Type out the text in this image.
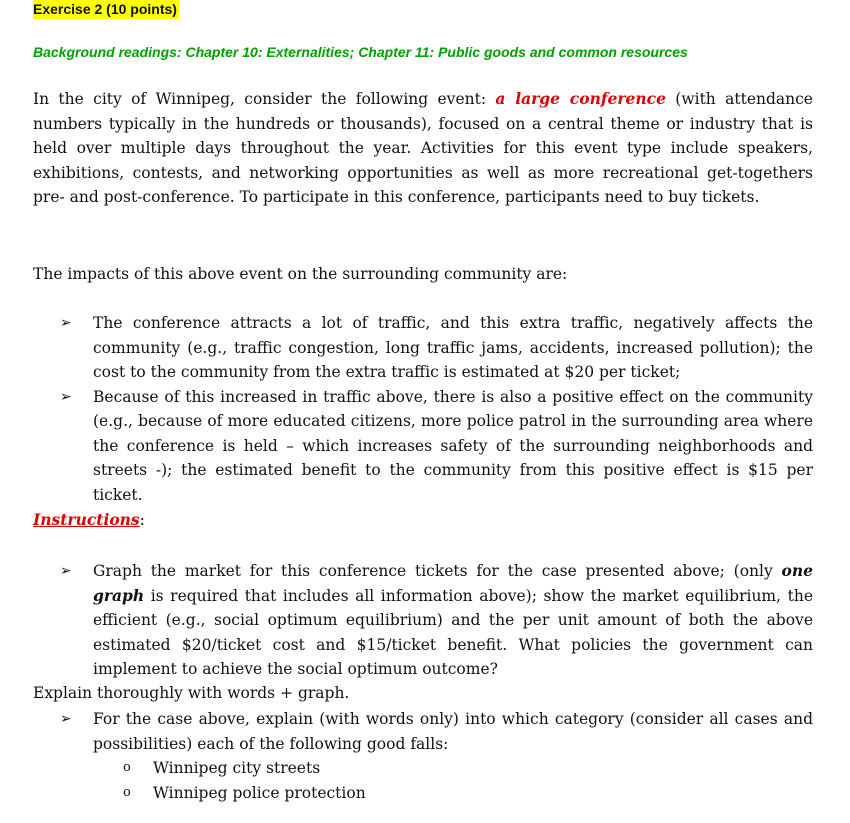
Exercise 2 (10 points)
Background readings: Chapter 10: Externalities; Chapter 11: Public goods and common resources
In the city of Winnipeg, consider the following event: a large conference (with attendance numbers typically in the hundreds or thousands), focused on a central theme or industry that is held over multiple days throughout the year. Activities for this event type include speakers, exhibitions, contests, and networking opportunities as well as more recreational get-togethers pre- and post-conference. To participate in this conference, participants need to buy tickets.
The impacts of this above event on the surrounding community are:
➢ The conference attracts a lot of traffic, and this extra traffic, negatively affects the community (e.g., traffic congestion, long traffic jams, accidents, increased pollution); the cost to the community from the extra traffic is estimated at $20 per ticket;
➢ Because of this increased in traffic above, there is also a positive effect on the community (e.g., because of more educated citizens, more police patrol in the surrounding area where the conference is held – which increases safety of the surrounding neighborhoods and streets -); the estimated benefit to the community from this positive effect is $15 per ticket.
Instructions:
➢ Graph the market for this conference tickets for the case presented above; (only one graph is required that includes all information above); show the market equilibrium, the efficient (e.g., social optimum equilibrium) and the per unit amount of both the above estimated $20/ticket cost and $15/ticket benefit. What policies the government can implement to achieve the social optimum outcome?
Explain thoroughly with words + graph.
➢ For the case above, explain (with words only) into which category (consider all cases and possibilities) each of the following good falls:
o Winnipeg city streets
o Winnipeg police protection
